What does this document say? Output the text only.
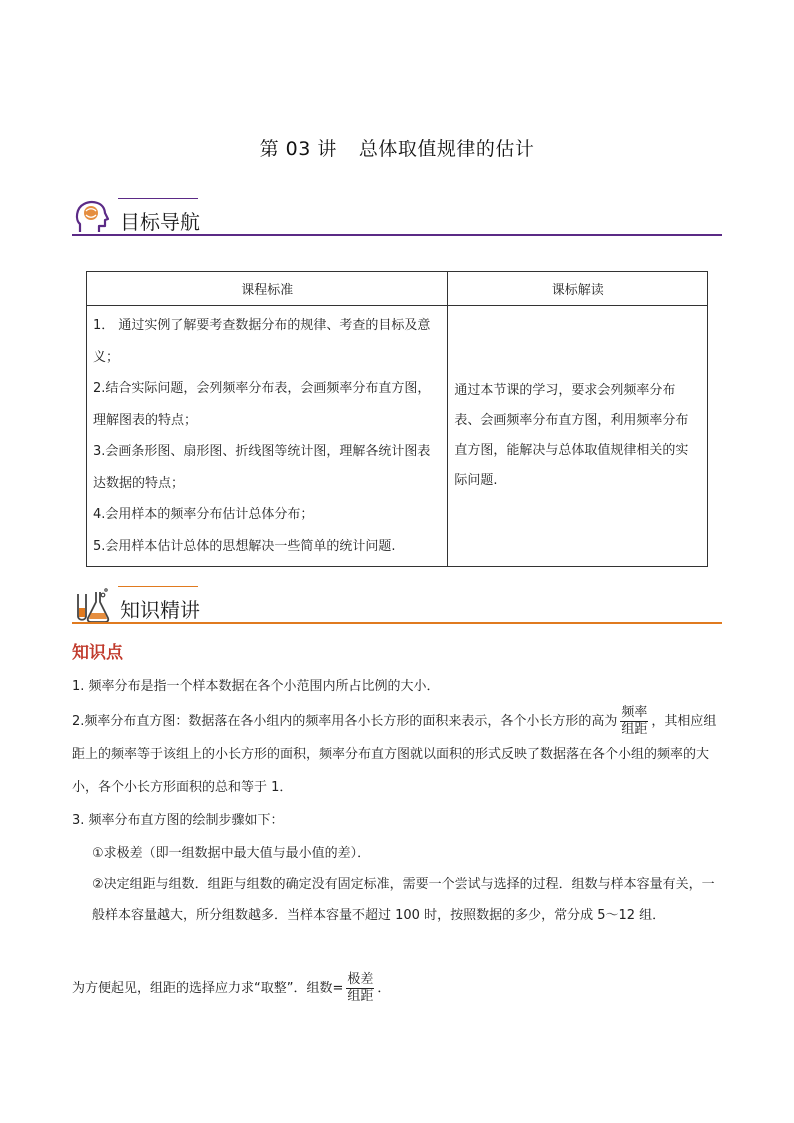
第 03 讲 总体取值规律的估计
目标导航
课程标准	课标解读

1． 通过实例了解要考查数据分布的规律、考查的目标及意义；

2.结合实际问题，会列频率分布表，会画频率分布直方图，理解图表的特点；

3.会画条形图、扇形图、折线图等统计图，理解各统计图表达数据的特点；

4.会用样本的频率分布估计总体分布；

5.会用样本估计总体的思想解决一些简单的统计问题.	通过本节课的学习，要求会列频率分布表、会画频率分布直方图，利用频率分布直方图，能解决与总体取值规律相关的实际问题.
知识精讲
知识点
1. 频率分布是指一个样本数据在各个小范围内所占比例的大小．
2.频率分布直方图：数据落在各小组内的频率用各小长方形的面积来表示，各个小长方形的高为 $\frac{\text{频率}}{\text{组距}}$ ，其相应组距上的频率等于该组上的小长方形的面积，频率分布直方图就以面积的形式反映了数据落在各个小组的频率的大小，各个小长方形面积的总和等于 1．
3. 频率分布直方图的绘制步骤如下：
①求极差（即一组数据中最大值与最小值的差）．
②决定组距与组数．组距与组数的确定没有固定标准，需要一个尝试与选择的过程．组数与样本容量有关，一般样本容量越大，所分组数越多．当样本容量不超过 100 时，按照数据的多少，常分成 5～12 组．
为方便起见，组距的选择应力求“取整”．组数= $\frac{\text{极差}}{\text{组距}}$ ．
